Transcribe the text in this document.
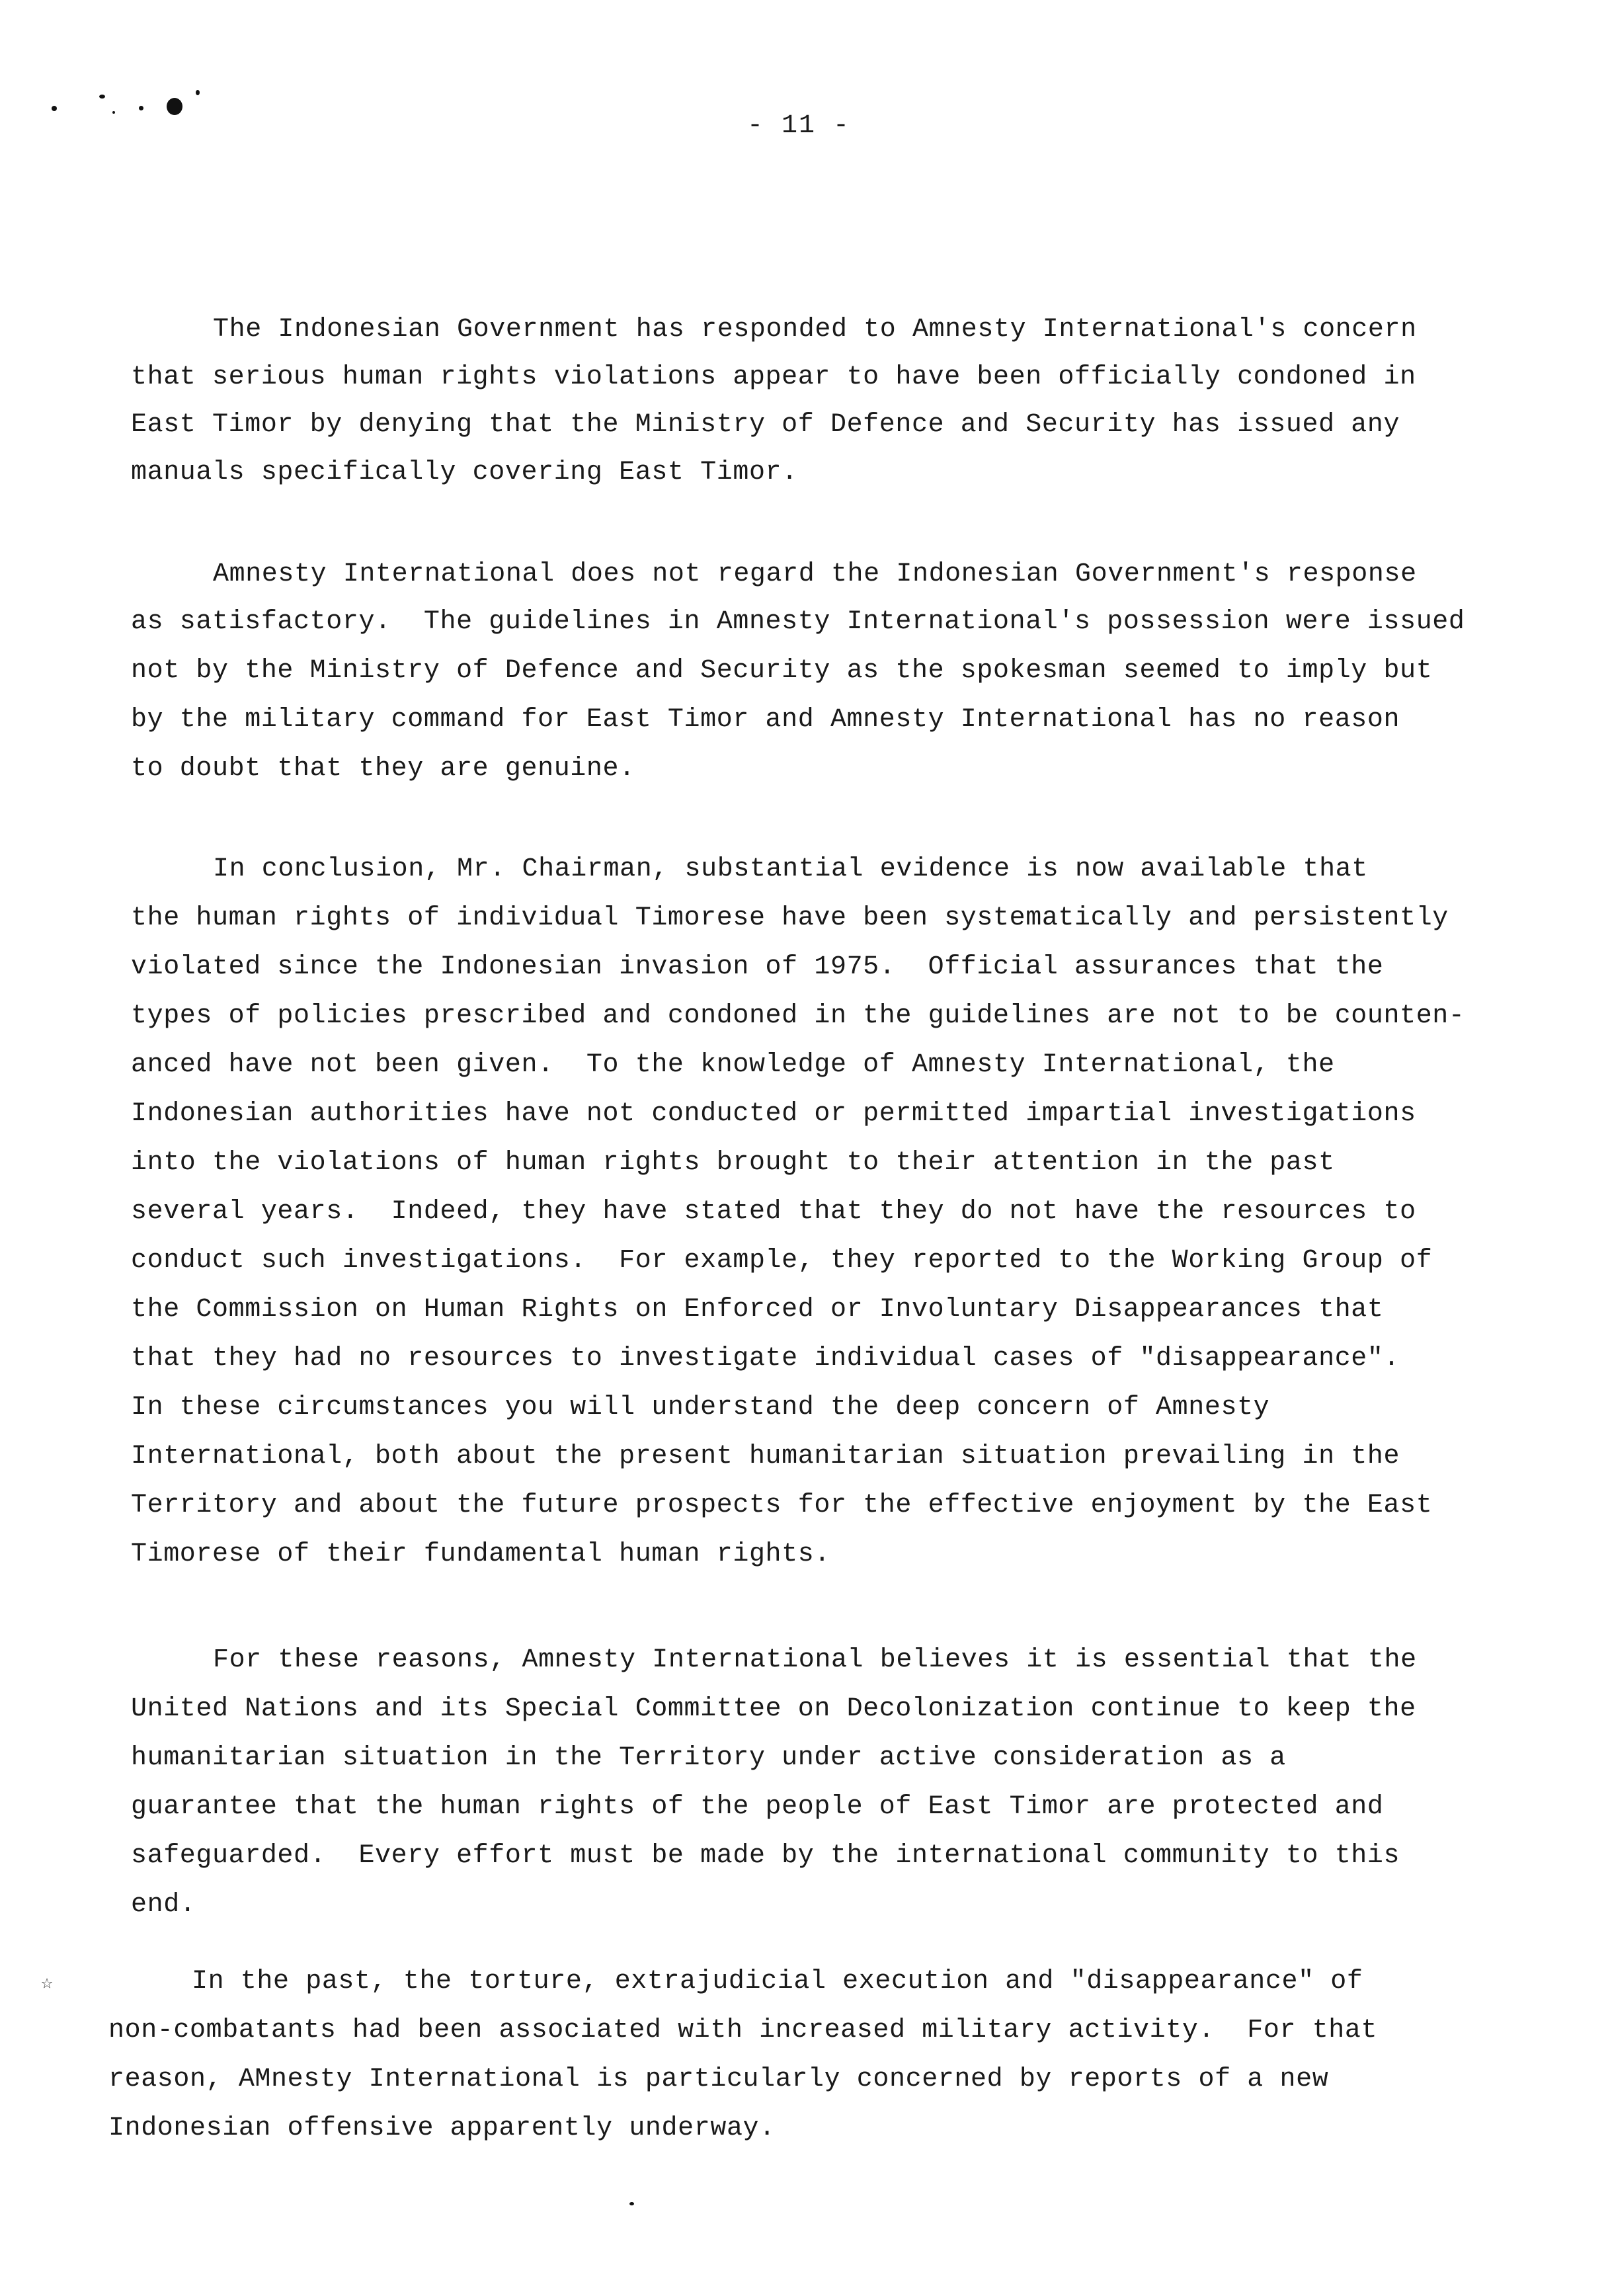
- 11 -
☆
The Indonesian Government has responded to Amnesty International's concern
that serious human rights violations appear to have been officially condoned in
East Timor by denying that the Ministry of Defence and Security has issued any
manuals specifically covering East Timor.
Amnesty International does not regard the Indonesian Government's response
as satisfactory.  The guidelines in Amnesty International's possession were issued
not by the Ministry of Defence and Security as the spokesman seemed to imply but
by the military command for East Timor and Amnesty International has no reason
to doubt that they are genuine.
In conclusion, Mr. Chairman, substantial evidence is now available that
the human rights of individual Timorese have been systematically and persistently
violated since the Indonesian invasion of 1975.  Official assurances that the
types of policies prescribed and condoned in the guidelines are not to be counten-
anced have not been given.  To the knowledge of Amnesty International, the
Indonesian authorities have not conducted or permitted impartial investigations
into the violations of human rights brought to their attention in the past
several years.  Indeed, they have stated that they do not have the resources to
conduct such investigations.  For example, they reported to the Working Group of
the Commission on Human Rights on Enforced or Involuntary Disappearances that
that they had no resources to investigate individual cases of "disappearance".
In these circumstances you will understand the deep concern of Amnesty
International, both about the present humanitarian situation prevailing in the
Territory and about the future prospects for the effective enjoyment by the East
Timorese of their fundamental human rights.
For these reasons, Amnesty International believes it is essential that the
United Nations and its Special Committee on Decolonization continue to keep the
humanitarian situation in the Territory under active consideration as a
guarantee that the human rights of the people of East Timor are protected and
safeguarded.  Every effort must be made by the international community to this
end.
In the past, the torture, extrajudicial execution and "disappearance" of
non-combatants had been associated with increased military activity.  For that
reason, AMnesty International is particularly concerned by reports of a new
Indonesian offensive apparently underway.
